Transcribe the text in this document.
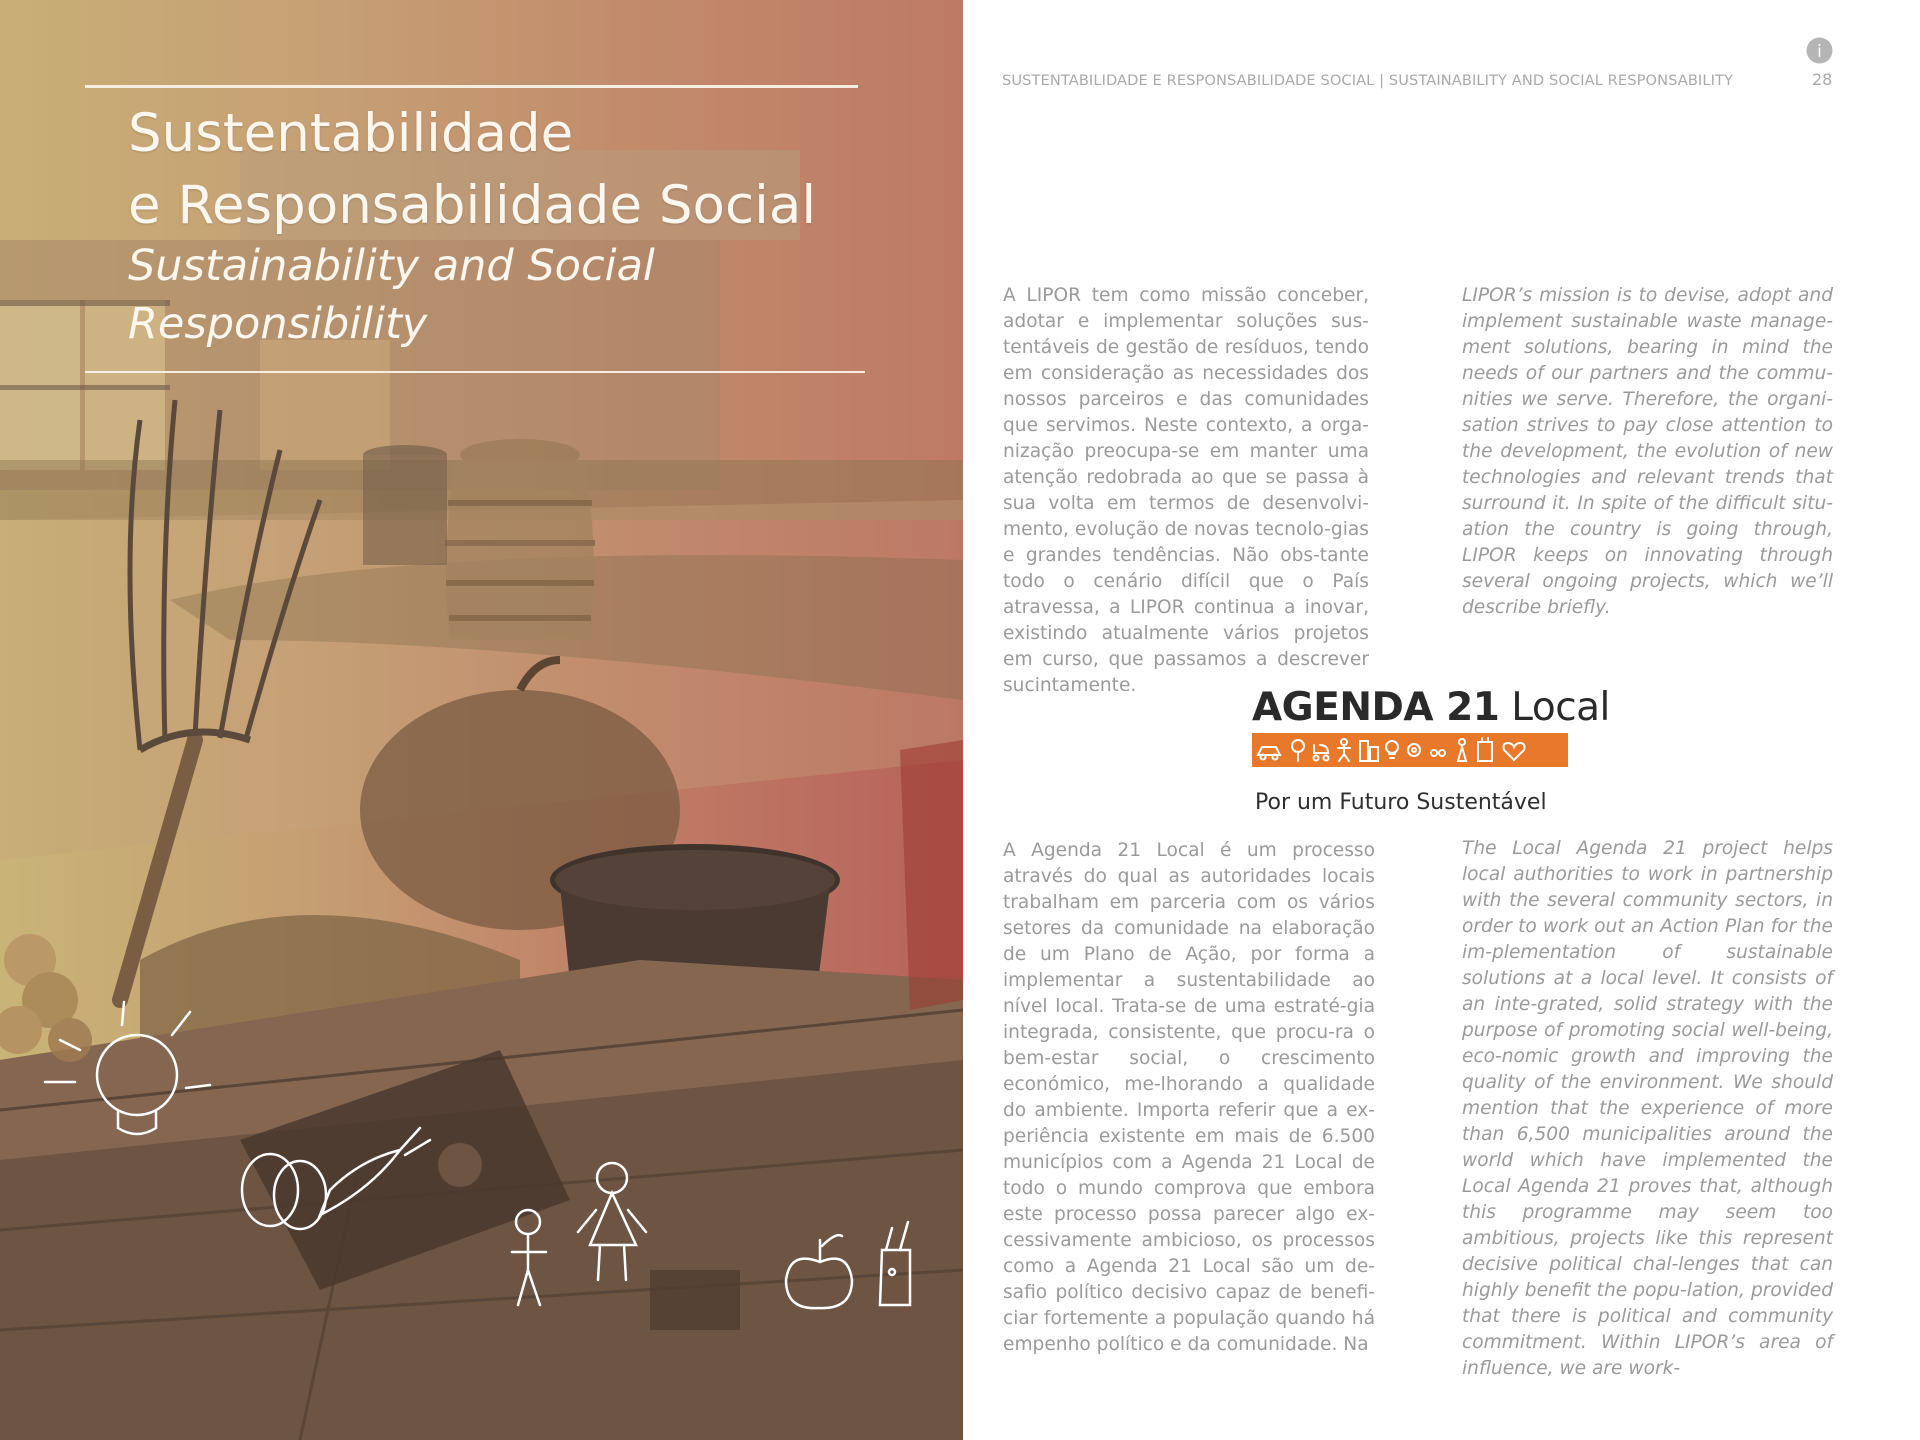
Sustentabilidade
e Responsabilidade Social
Sustainability and Social
Responsibility
SUSTENTABILIDADE E RESPONSABILIDADE SOCIAL | SUSTAINABILITY AND SOCIAL RESPONSABILITY
i
28

A LIPOR tem como missão conceber, adotar e implementar soluções sus-tentáveis de gestão de resíduos, tendo em consideração as necessidades dos nossos parceiros e das comunidades que servimos. Neste contexto, a orga-nização preocupa-se em manter uma atenção redobrada ao que se passa à sua volta em termos de desenvolvi-mento, evolução de novas tecnolo-gias e grandes tendências. Não obs-tante todo o cenário difícil que o País atravessa, a LIPOR continua a inovar, existindo atualmente vários projetos em curso, que passamos a descrever sucintamente.

LIPOR’s mission is to devise, adopt and implement sustainable waste manage-ment solutions, bearing in mind the needs of our partners and the commu-nities we serve. Therefore, the organi-sation strives to pay close attention to the development, the evolution of new technologies and relevant trends that surround it. In spite of the difficult situ-ation the country is going through, LIPOR keeps on innovating through several ongoing projects, which we’ll describe briefly.

AGENDA 21 Local
Por um Futuro Sustentável

A Agenda 21 Local é um processo através do qual as autoridades locais trabalham em parceria com os vários setores da comunidade na elaboração de um Plano de Ação, por forma a implementar a sustentabilidade ao nível local. Trata-se de uma estraté-gia integrada, consistente, que procu-ra o bem-estar social, o crescimento económico, me-lhorando a qualidade do ambiente. Importa referir que a ex-periência existente em mais de 6.500 municípios com a Agenda 21 Local de todo o mundo comprova que embora este processo possa parecer algo ex-cessivamente ambicioso, os processos como a Agenda 21 Local são um de-safio político decisivo capaz de benefi-ciar fortemente a população quando há empenho político e da comunidade. Na

The Local Agenda 21 project helps local authorities to work in partnership with the several community sectors, in order to work out an Action Plan for the im-plementation of sustainable solutions at a local level. It consists of an inte-grated, solid strategy with the purpose of promoting social well-being, eco-nomic growth and improving the quality of the environment. We should mention that the experience of more than 6,500 municipalities around the world which have implemented the Local Agenda 21 proves that, although this programme may seem too ambitious, projects like this represent decisive political chal-lenges that can highly benefit the popu-lation, provided that there is political and community commitment. Within LIPOR’s area of influence, we are work-
